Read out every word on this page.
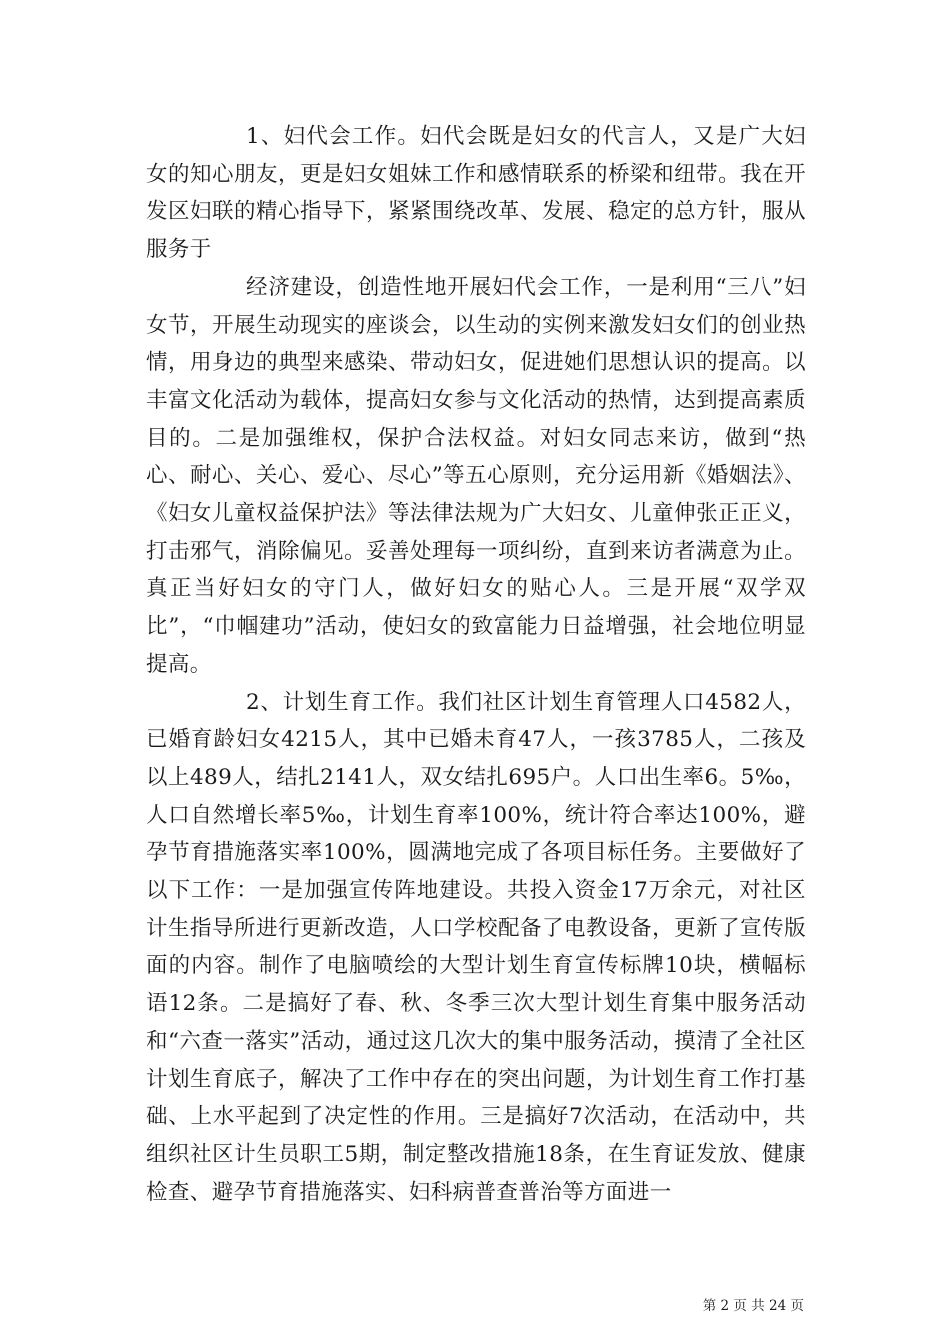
1、妇代会工作。妇代会既是妇女的代言人，又是广大妇女的知心朋友，更是妇女姐妹工作和感情联系的桥梁和纽带。我在开发区妇联的精心指导下，紧紧围绕改革、发展、稳定的总方针，服从服务于

经济建设，创造性地开展妇代会工作，一是利用“三八”妇女节，开展生动现实的座谈会，以生动的实例来激发妇女们的创业热情，用身边的典型来感染、带动妇女，促进她们思想认识的提高。以丰富文化活动为载体，提高妇女参与文化活动的热情，达到提高素质目的。二是加强维权，保护合法权益。对妇女同志来访，做到“热心、耐心、关心、爱心、尽心”等五心原则，充分运用新《婚姻法》、《妇女儿童权益保护法》等法律法规为广大妇女、儿童伸张正正义，打击邪气，消除偏见。妥善处理每一项纠纷，直到来访者满意为止。真正当好妇女的守门人，做好妇女的贴心人。三是开展“双学双比”，“巾帼建功”活动，使妇女的致富能力日益增强，社会地位明显提高。

2、计划生育工作。我们社区计划生育管理人口4582人，已婚育龄妇女4215人，其中已婚未育47人，一孩3785人，二孩及以上489人，结扎2141人，双女结扎695户。人口出生率6。5‰，人口自然增长率5‰，计划生育率100%，统计符合率达100%，避孕节育措施落实率100%，圆满地完成了各项目标任务。主要做好了以下工作：一是加强宣传阵地建设。共投入资金17万余元，对社区计生指导所进行更新改造，人口学校配备了电教设备，更新了宣传版面的内容。制作了电脑喷绘的大型计划生育宣传标牌10块，横幅标语12条。二是搞好了春、秋、冬季三次大型计划生育集中服务活动和“六查一落实”活动，通过这几次大的集中服务活动，摸清了全社区计划生育底子，解决了工作中存在的突出问题，为计划生育工作打基础、上水平起到了决定性的作用。三是搞好7次活动，在活动中，共组织社区计生员职工5期，制定整改措施18条，在生育证发放、健康检查、避孕节育措施落实、妇科病普查普治等方面进一

第 2 页 共 24 页
